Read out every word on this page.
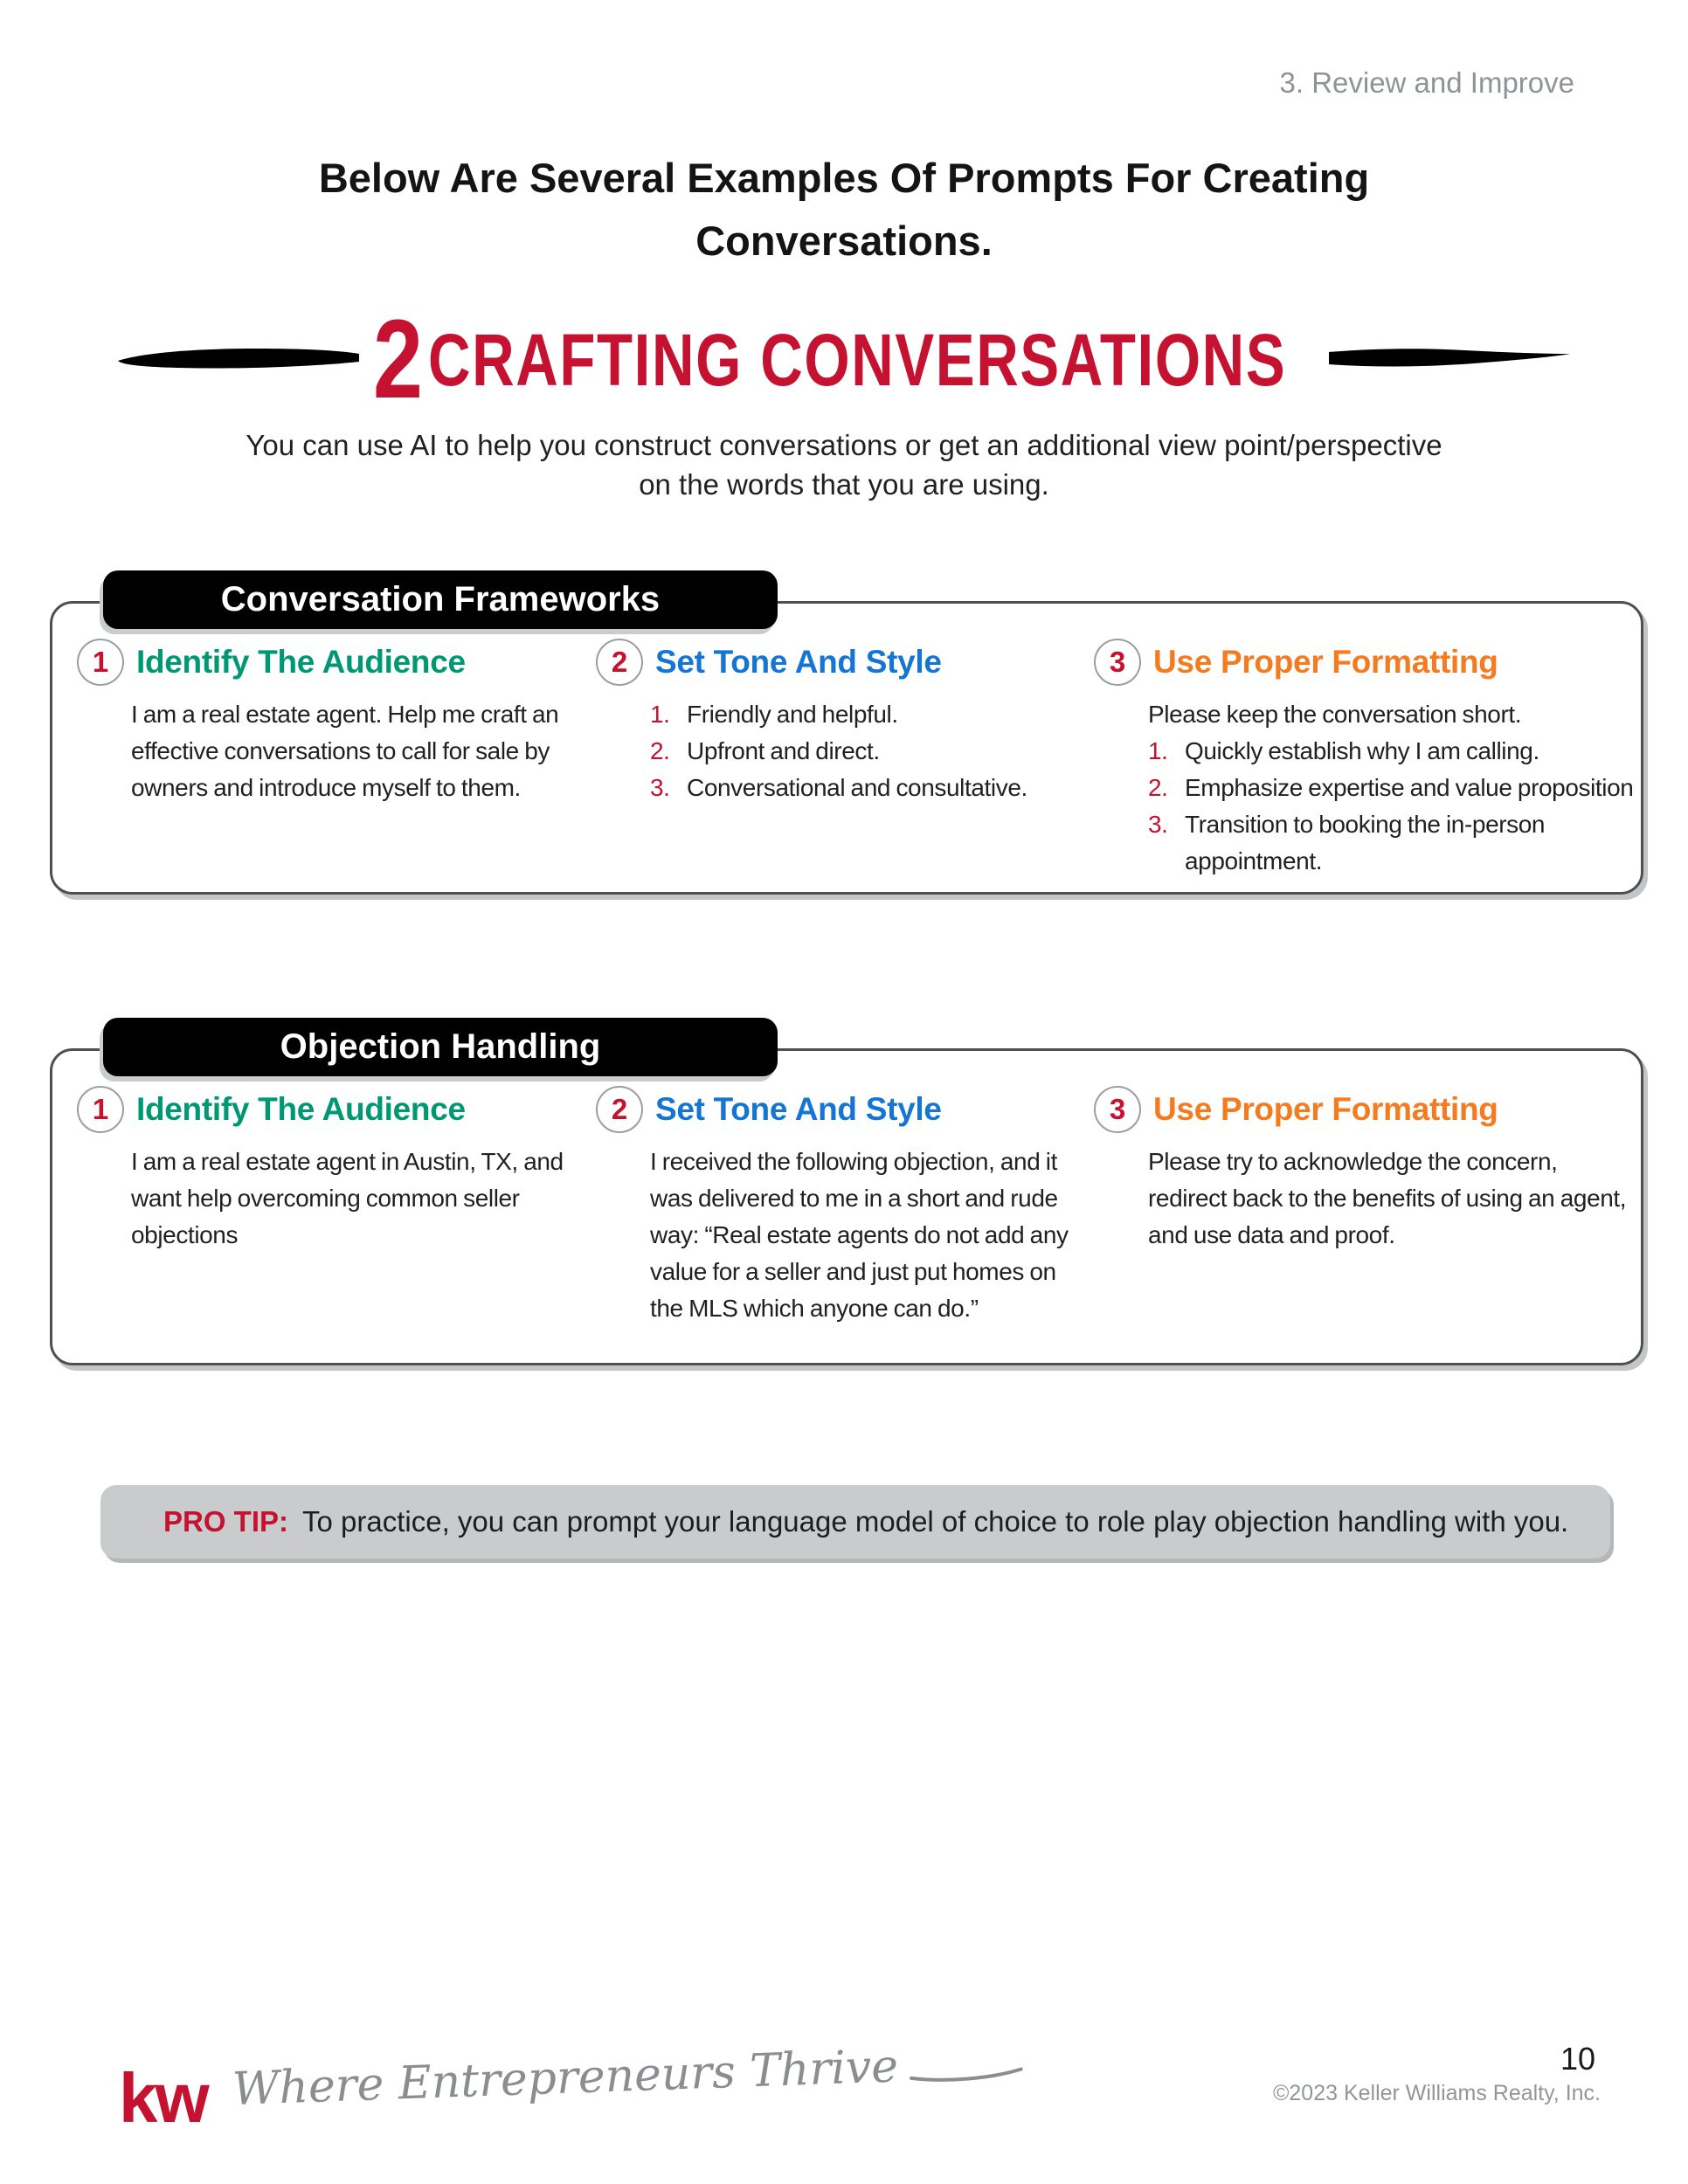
3. Review and Improve
Below Are Several Examples Of Prompts For Creating
Conversations.
2 CRAFTING CONVERSATIONS
You can use AI to help you construct conversations or get an additional view point/perspective
on the words that you are using.
Conversation Frameworks
1 Identify The Audience

I am a real estate agent. Help me craft an effective conversations to call for sale by owners and introduce myself to them.

2 Set Tone And Style
1. Friendly and helpful.
2. Upfront and direct.
3. Conversational and consultative.
3 Use Proper Formatting

Please keep the conversation short.

1. Quickly establish why I am calling.
2. Emphasize expertise and value proposition
3. Transition to booking the in-person appointment.
Objection Handling
1 Identify The Audience

I am a real estate agent in Austin, TX, and want help overcoming common seller objections

2 Set Tone And Style

I received the following objection, and it was delivered to me in a short and rude way: “Real estate agents do not add any value for a seller and just put homes on the MLS which anyone can do.”

3 Use Proper Formatting

Please try to acknowledge the concern, redirect back to the benefits of using an agent, and use data and proof.

PRO TIP: To practice, you can prompt your language model of choice to role play objection handling with you.
kw Where Entrepreneurs Thrive	10
©2023 Keller Williams Realty, Inc.
